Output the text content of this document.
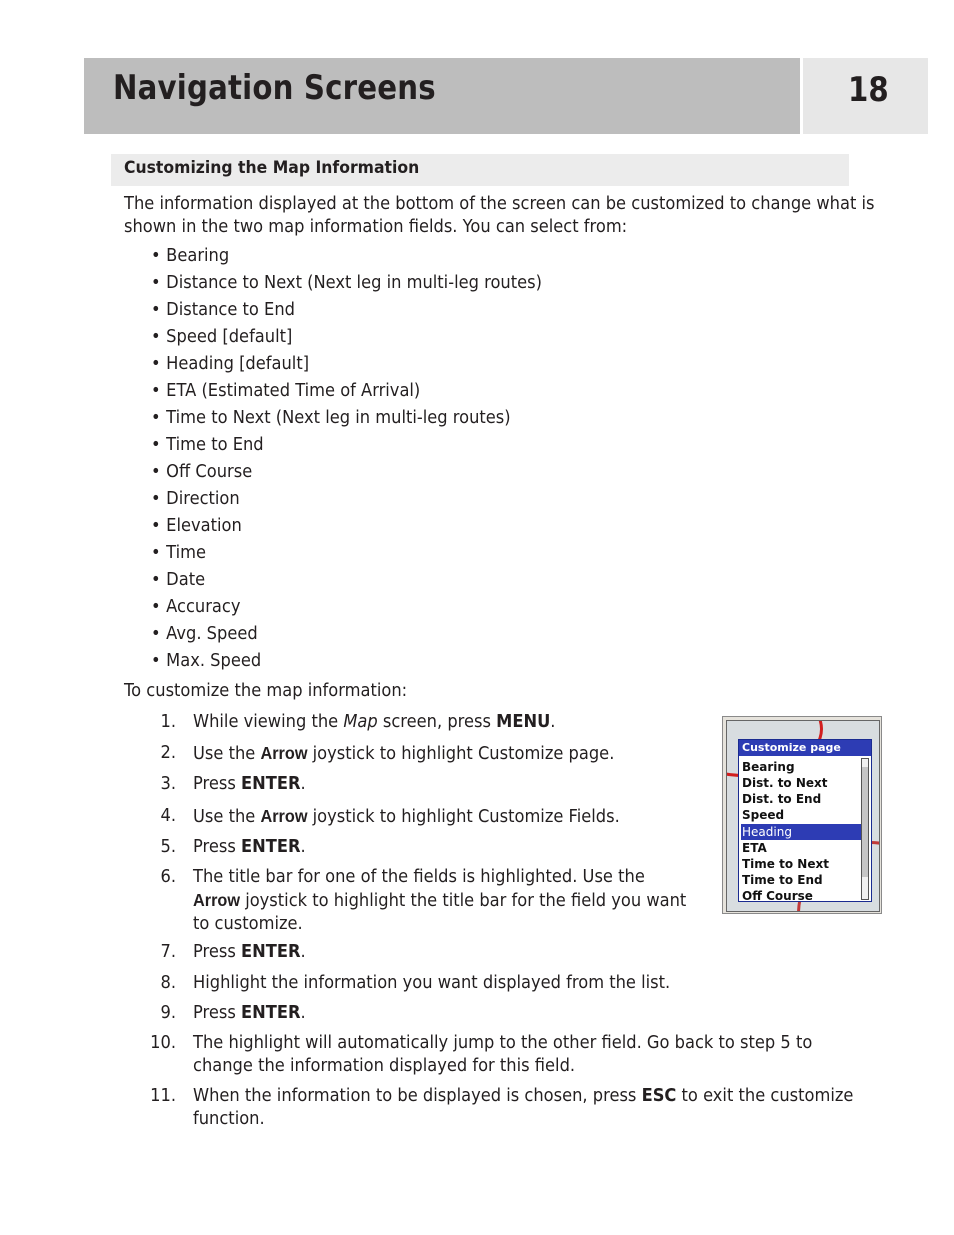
Navigation Screens	18
Customizing the Map Information
The information displayed at the bottom of the screen can be customized to change what is
shown in the two map information fields. You can select from:
• Bearing
• Distance to Next (Next leg in multi-leg routes)
• Distance to End
• Speed [default]
• Heading [default]
• ETA (Estimated Time of Arrival)
• Time to Next (Next leg in multi-leg routes)
• Time to End
• Off Course
• Direction
• Elevation
• Time
• Date
• Accuracy
• Avg. Speed
• Max. Speed
To customize the map information:
1. While viewing the Map screen, press MENU.
2. Use the Arrow joystick to highlight Customize page.
3. Press ENTER.
4. Use the Arrow joystick to highlight Customize Fields.
5. Press ENTER.
6. The title bar for one of the fields is highlighted. Use the
Arrow joystick to highlight the title bar for the field you want
to customize.
7. Press ENTER.
8. Highlight the information you want displayed from the list.
9. Press ENTER.
10. The highlight will automatically jump to the other field. Go back to step 5 to
change the information displayed for this field.
11. When the information to be displayed is chosen, press ESC to exit the customize
function.
Customize page
Bearing
Dist. to Next
Dist. to End
Speed
Heading
ETA
Time to Next
Time to End
Off Course
